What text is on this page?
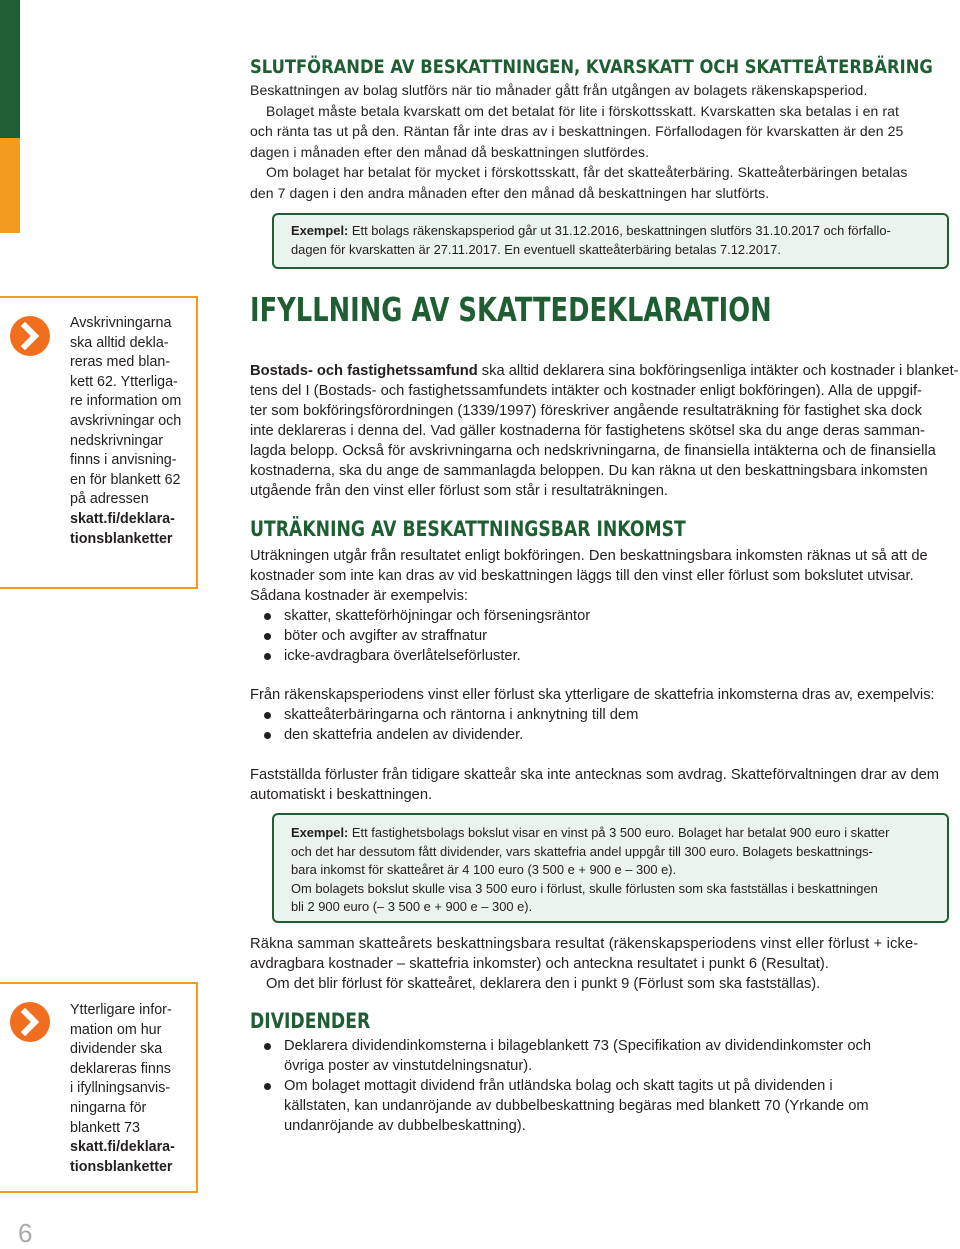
SLUTFÖRANDE AV BESKATTNINGEN, KVARSKATT OCH SKATTEÅTERBÄRING

Beskattningen av bolag slutförs när tio månader gått från utgången av bolagets räkenskapsperiod.

Bolaget måste betala kvarskatt om det betalat för lite i förskottsskatt. Kvarskatten ska betalas i en rat

och ränta tas ut på den. Räntan får inte dras av i beskattningen. Förfallodagen för kvarskatten är den 25

dagen i månaden efter den månad då beskattningen slutfördes.

Om bolaget har betalat för mycket i förskottsskatt, får det skatteåterbäring. Skatteåterbäringen betalas

den 7 dagen i den andra månaden efter den månad då beskattningen har slutförts.

Exempel: Ett bolags räkenskapsperiod går ut 31.12.2016, beskattningen slutförs 31.10.2017 och förfallo-
dagen för kvarskatten är 27.11.2017. En eventuell skatteåterbäring betalas 7.12.2017.
Avskrivningarna
ska alltid dekla-
reras med blan-
kett 62. Ytterliga-
re information om
avskrivningar och
nedskrivningar
finns i anvisning-
en för blankett 62
på adressen
skatt.fi/deklara-
tionsblanketter
IFYLLNING AV SKATTEDEKLARATION

Bostads- och fastighetssamfund ska alltid deklarera sina bokföringsenliga intäkter och kostnader i blanket-

tens del I (Bostads- och fastighetssamfundets intäkter och kostnader enligt bokföringen). Alla de uppgif-

ter som bokföringsförordningen (1339/1997) föreskriver angående resultaträkning för fastighet ska dock

inte deklareras i denna del. Vad gäller kostnaderna för fastighetens skötsel ska du ange deras samman-

lagda belopp. Också för avskrivningarna och nedskrivningarna, de finansiella intäkterna och de finansiella

kostnaderna, ska du ange de sammanlagda beloppen. Du kan räkna ut den beskattningsbara inkomsten

utgående från den vinst eller förlust som står i resultaträkningen.

UTRÄKNING AV BESKATTNINGSBAR INKOMST

Uträkningen utgår från resultatet enligt bokföringen. Den beskattningsbara inkomsten räknas ut så att de

kostnader som inte kan dras av vid beskattningen läggs till den vinst eller förlust som bokslutet utvisar.

Sådana kostnader är exempelvis:

skatter, skatteförhöjningar och förseningsräntor
böter och avgifter av straffnatur
icke-avdragbara överlåtelseförluster.

Från räkenskapsperiodens vinst eller förlust ska ytterligare de skattefria inkomsterna dras av, exempelvis:

skatteåterbäringarna och räntorna i anknytning till dem
den skattefria andelen av dividender.

Fastställda förluster från tidigare skatteår ska inte antecknas som avdrag. Skatteförvaltningen drar av dem

automatiskt i beskattningen.

Exempel: Ett fastighetsbolags bokslut visar en vinst på 3 500 euro. Bolaget har betalat 900 euro i skatter
och det har dessutom fått dividender, vars skattefria andel uppgår till 300 euro. Bolagets beskattnings-
bara inkomst för skatteåret är 4 100 euro (3 500 e + 900 e – 300 e).
Om bolagets bokslut skulle visa 3 500 euro i förlust, skulle förlusten som ska fastställas i beskattningen
bli 2 900 euro (– 3 500 e + 900 e – 300 e).

Räkna samman skatteårets beskattningsbara resultat (räkenskapsperiodens vinst eller förlust + icke-

avdragbara kostnader – skattefria inkomster) och anteckna resultatet i punkt 6 (Resultat).

Om det blir förlust för skatteåret, deklarera den i punkt 9 (Förlust som ska fastställas).

Ytterligare infor-
mation om hur
dividender ska
deklareras finns
i ifyllningsanvis-
ningarna för
blankett 73
skatt.fi/deklara-
tionsblanketter
DIVIDENDER
Deklarera dividendinkomsterna i bilageblankett 73 (Specifikation av dividendinkomster och
övriga poster av vinstutdelningsnatur).
Om bolaget mottagit dividend från utländska bolag och skatt tagits ut på dividenden i
källstaten, kan undanröjande av dubbelbeskattning begäras med blankett 70 (Yrkande om
undanröjande av dubbelbeskattning).
6
